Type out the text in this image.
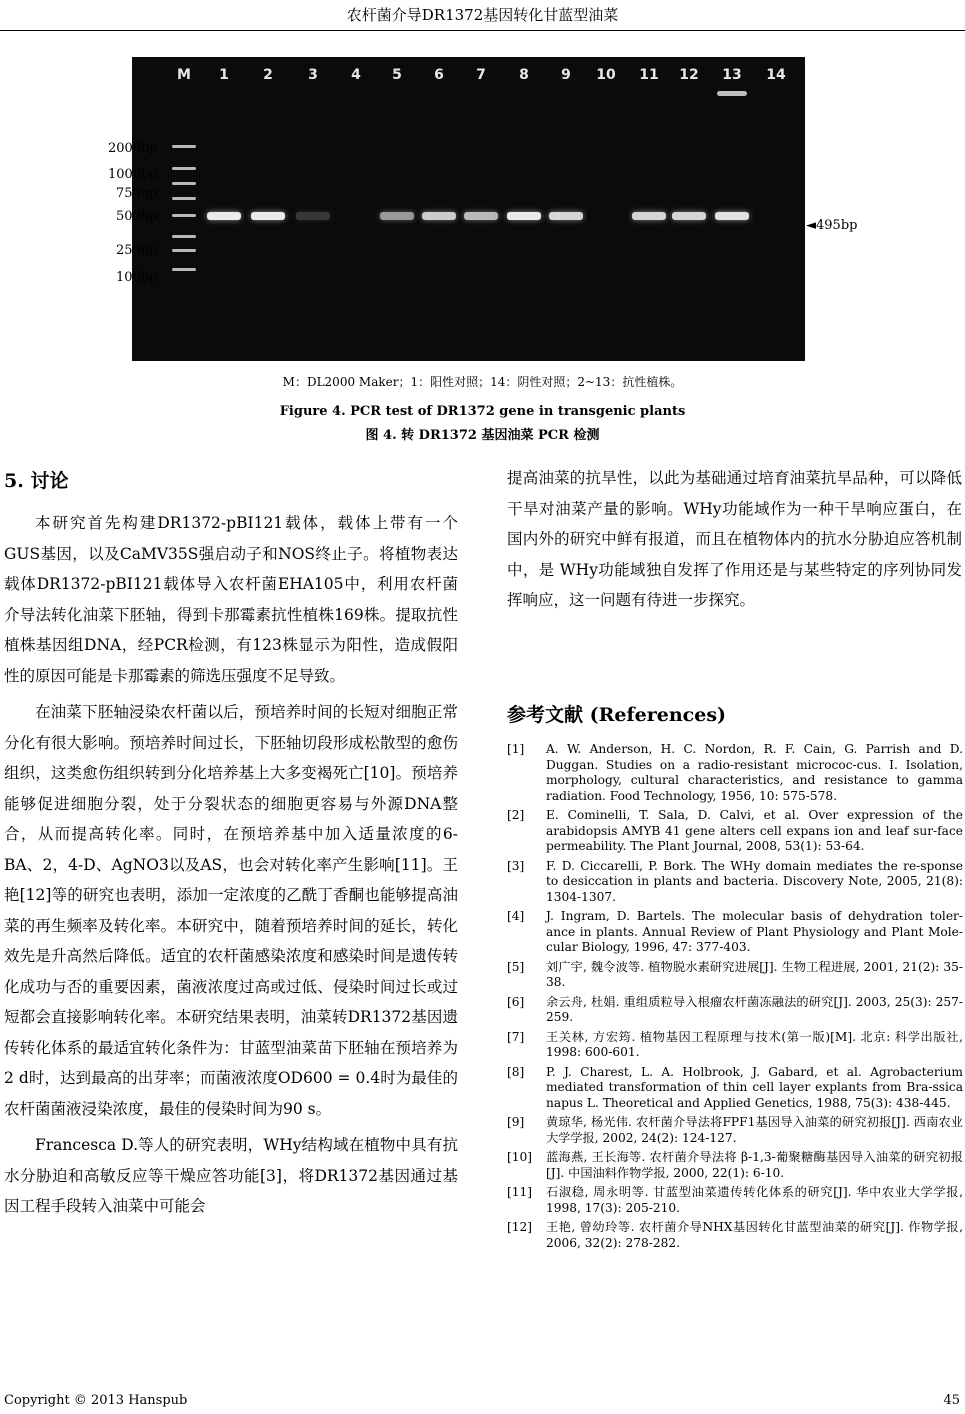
农杆菌介导DR1372基因转化甘蓝型油菜
M 1 2	3 4 5 6 7 8 9 10 11 12 13 14
2000bp
1000bp
750bp
500bp
250bp
100bp
◄495bp
M：DL2000 Maker；1：阳性对照；14：阴性对照；2~13：抗性植株。
Figure 4. PCR test of DR1372 gene in transgenic plants
图 4. 转 DR1372 基因油菜 PCR 检测
5. 讨论

本研究首先构建DR1372-pBI121载体，载体上带有一个GUS基因，以及CaMV35S强启动子和NOS终止子。将植物表达载体DR1372-pBI121载体导入农杆菌EHA105中，利用农杆菌介导法转化油菜下胚轴，得到卡那霉素抗性植株169株。提取抗性植株基因组DNA，经PCR检测，有123株显示为阳性，造成假阳性的原因可能是卡那霉素的筛选压强度不足导致。

在油菜下胚轴浸染农杆菌以后，预培养时间的长短对细胞正常分化有很大影响。预培养时间过长，下胚轴切段形成松散型的愈伤组织，这类愈伤组织转到分化培养基上大多变褐死亡[10]。预培养能够促进细胞分裂，处于分裂状态的细胞更容易与外源DNA整合，从而提高转化率。同时，在预培养基中加入适量浓度的6-BA、2，4-D、AgNO3以及AS，也会对转化率产生影响[11]。王艳[12]等的研究也表明，添加一定浓度的乙酰丁香酮也能够提高油菜的再生频率及转化率。本研究中，随着预培养时间的延长，转化效先是升高然后降低。适宜的农杆菌感染浓度和感染时间是遗传转化成功与否的重要因素，菌液浓度过高或过低、侵染时间过长或过短都会直接影响转化率。本研究结果表明，油菜转DR1372基因遗传转化体系的最适宜转化条件为：甘蓝型油菜苗下胚轴在预培养为2 d时，达到最高的出芽率；而菌液浓度OD600 = 0.4时为最佳的农杆菌菌液浸染浓度，最佳的侵染时间为90 s。

Francesca D.等人的研究表明，WHy结构域在植物中具有抗水分胁迫和高敏反应等干燥应答功能[3]，将DR1372基因通过基因工程手段转入油菜中可能会

提高油菜的抗旱性，以此为基础通过培育油菜抗旱品种，可以降低干旱对油菜产量的影响。WHy功能域作为一种干旱响应蛋白，在国内外的研究中鲜有报道，而且在植物体内的抗水分胁迫应答机制中，是 WHy功能域独自发挥了作用还是与某些特定的序列协同发挥响应，这一问题有待进一步探究。

参考文献 (References)
[1]	A. W. Anderson, H. C. Nordon, R. F. Cain, G. Parrish and D. Duggan. Studies on a radio-resistant micrococ-cus. I. Isolation, morphology, cultural characteristics, and resistance to gamma radiation. Food Technology, 1956, 10: 575-578.
[2]	E. Cominelli, T. Sala, D. Calvi, et al. Over expression of the arabidopsis AMYB 41 gene alters cell expans ion and leaf sur-face permeability. The Plant Journal, 2008, 53(1): 53-64.
[3]	F. D. Ciccarelli, P. Bork. The WHy domain mediates the re-sponse to desiccation in plants and bacteria. Discovery Note, 2005, 21(8): 1304-1307.
[4]	J. Ingram, D. Bartels. The molecular basis of dehydration toler-ance in plants. Annual Review of Plant Physiology and Plant Mole-cular Biology, 1996, 47: 377-403.
[5]	刘广宇, 魏令波等. 植物脱水素研究进展[J]. 生物工程进展, 2001, 21(2): 35-38.
[6]	余云舟, 杜娟. 重组质粒导入根瘤农杆菌冻融法的研究[J]. 2003, 25(3): 257-259.
[7]	王关林, 方宏筠. 植物基因工程原理与技术(第一版)[M]. 北京: 科学出版社, 1998: 600-601.
[8]	P. J. Charest, L. A. Holbrook, J. Gabard, et al. Agrobacterium mediated transformation of thin cell layer explants from Bra-ssica napus L. Theoretical and Applied Genetics, 1988, 75(3): 438-445.
[9]	黄琼华, 杨光伟. 农杆菌介导法将FPF1基因导入油菜的研究初报[J]. 西南农业大学学报, 2002, 24(2): 124-127.
[10]	蓝海燕, 王长海等. 农杆菌介导法将 β-1,3-葡聚糖酶基因导入油菜的研究初报[J]. 中国油料作物学报, 2000, 22(1): 6-10.
[11]	石淑稳, 周永明等. 甘蓝型油菜遗传转化体系的研究[J]. 华中农业大学学报, 1998, 17(3): 205-210.
[12]	王艳, 曾幼玲等. 农杆菌介导NHX基因转化甘蓝型油菜的研究[J]. 作物学报, 2006, 32(2): 278-282.
Copyright © 2013 Hanspub	45
